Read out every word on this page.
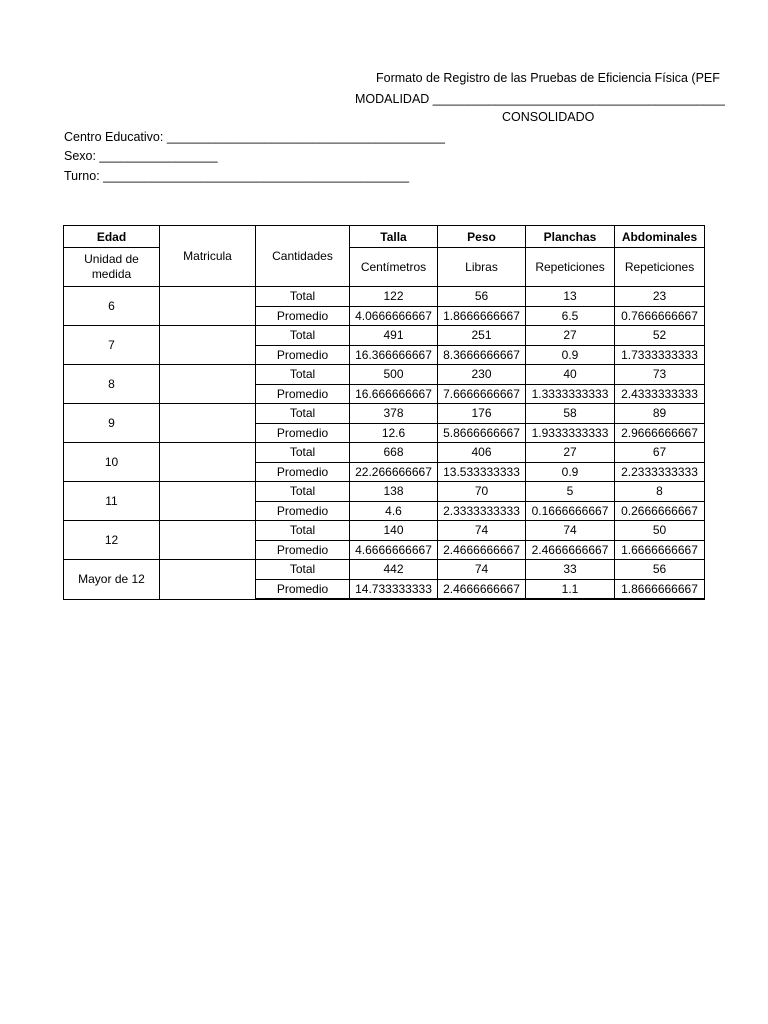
Formato de Registro de las Pruebas de Eficiencia Física (PEF
MODALIDAD __________________________________________
CONSOLIDADO
Centro Educativo: ________________________________________
Sexo: _________________
Turno: ____________________________________________
Edad	Matricula	Cantidades	Talla	Peso	Planchas	Abdominales
Unidad de medida			Centímetros	Libras	Repeticiones	Repeticiones
6		Total	122	56	13	23
		Promedio	4.0666666667	1.8666666667	6.5	0.7666666667
7		Total	491	251	27	52
		Promedio	16.366666667	8.3666666667	0.9	1.7333333333
8		Total	500	230	40	73
		Promedio	16.666666667	7.6666666667	1.3333333333	2.4333333333
9		Total	378	176	58	89
		Promedio	12.6	5.8666666667	1.9333333333	2.9666666667
10		Total	668	406	27	67
		Promedio	22.266666667	13.533333333	0.9	2.2333333333
11		Total	138	70	5	8
		Promedio	4.6	2.3333333333	0.1666666667	0.2666666667
12		Total	140	74	74	50
		Promedio	4.6666666667	2.4666666667	2.4666666667	1.6666666667
Mayor de 12		Total	442	74	33	56
		Promedio	14.733333333	2.4666666667	1.1	1.8666666667
